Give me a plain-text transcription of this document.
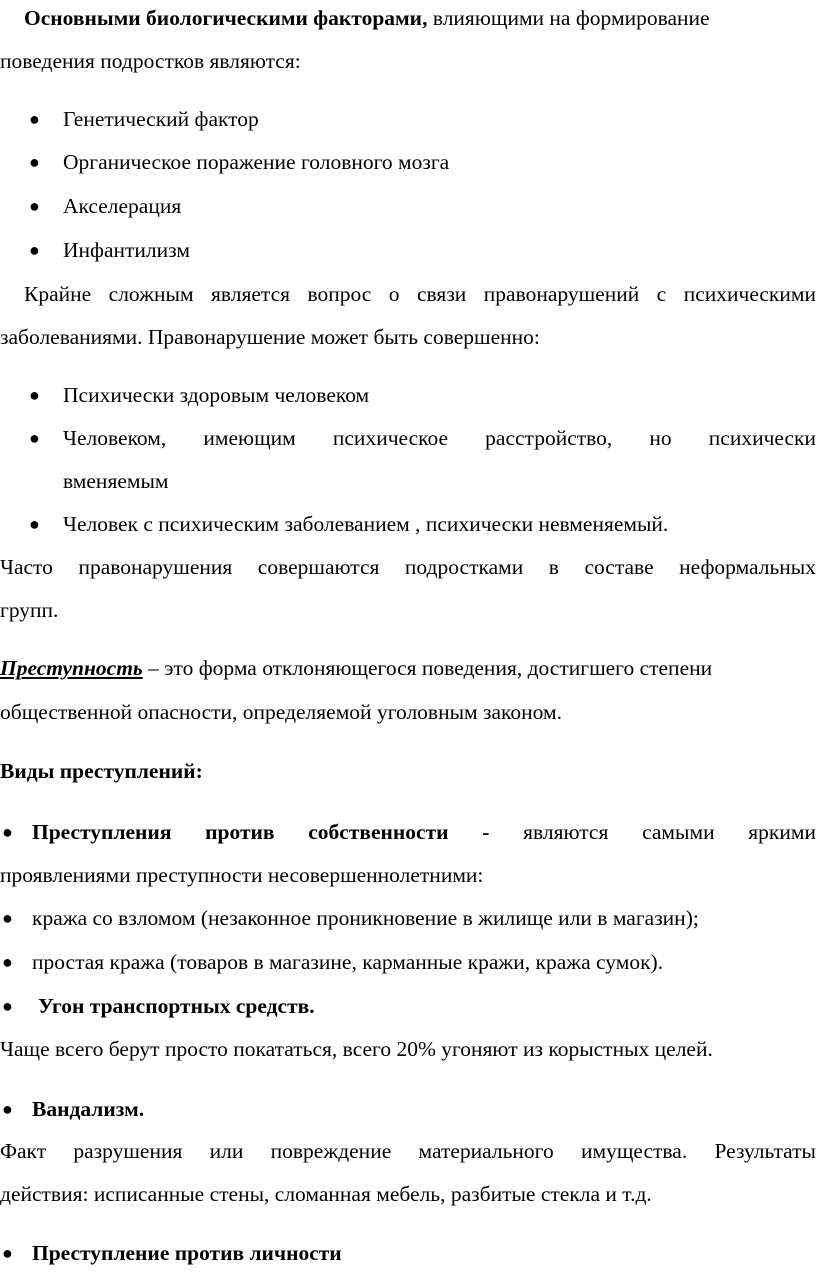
Основными биологическими факторами, влияющими на формирование
поведения подростков являются:
● Генетический фактор
● Органическое поражение головного мозга
● Акселерация
● Инфантилизм
Крайне сложным является вопрос о связи правонарушений с психическими
заболеваниями. Правонарушение может быть совершенно:
● Психически здоровым человеком
● Человеком, имеющим психическое расстройство, но психически
вменяемым
● Человек с психическим заболеванием , психически невменяемый.
Часто правонарушения совершаются подростками в составе неформальных
групп.
Преступность – это форма отклоняющегося поведения, достигшего степени
общественной опасности, определяемой уголовным законом.
Виды преступлений:
● Преступления против собственности - являются самыми яркими
проявлениями преступности несовершеннолетними:
● кража со взломом (незаконное проникновение в жилище или в магазин);
● простая кража (товаров в магазине, карманные кражи, кража сумок).
● Угон транспортных средств.
Чаще всего берут просто покататься, всего 20% угоняют из корыстных целей.
● Вандализм.
Факт разрушения или повреждение материального имущества. Результаты
действия: исписанные стены, сломанная мебель, разбитые стекла и т.д.
● Преступление против личности
